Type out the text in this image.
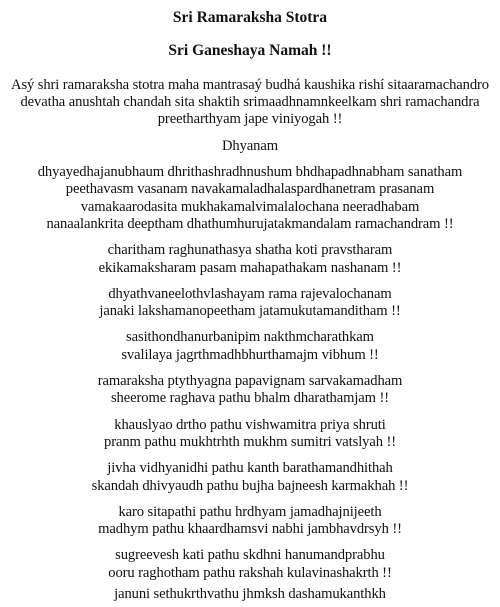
Sri Ramaraksha Stotra
Sri Ganeshaya Namah !!
Asý shri ramaraksha stotra maha mantrasaý budhá kaushika rishí sitaaramachandro
devatha anushtah chandah sita shaktih srimaadhnamnkeelkam shri ramachandra
preetharthyam jape viniyogah !!
Dhyanam
dhyayedhajanubhaum dhrithashradhnushum bhdhapadhnabham sanatham
peethavasm vasanam navakamaladhalaspardhanetram prasanam
vamakaarodasita mukhakamalvimalalochana neeradhabam
nanaalankrita deeptham dhathumhurujatakmandalam ramachandram !!
charitham raghunathasya shatha koti pravstharam
ekikamaksharam pasam mahapathakam nashanam !!
dhyathvaneelothvlashayam rama rajevalochanam
janaki lakshamanopeetham jatamukutamanditham !!
sasithondhanurbanipim nakthmcharathkam
svalilaya jagrthmadhbhurthamajm vibhum !!
ramaraksha ptythyagna papavignam sarvakamadham
sheerome raghava pathu bhalm dharathamjam !!
khauslyao drtho pathu vishwamitra priya shruti
pranm pathu mukhtrhth mukhm sumitri vatslyah !!
jivha vidhyanidhi pathu kanth barathamandhithah
skandah dhivyaudh pathu bujha bajneesh karmakhah !!
karo sitapathi pathu hrdhyam jamadhajnijeeth
madhym pathu khaardhamsvi nabhi jambhavdrsyh !!
sugreevesh kati pathu skdhni hanumandprabhu
ooru raghotham pathu rakshah kulavinashakrth !!
januni sethukrthvathu jhmksh dashamukanthkh
